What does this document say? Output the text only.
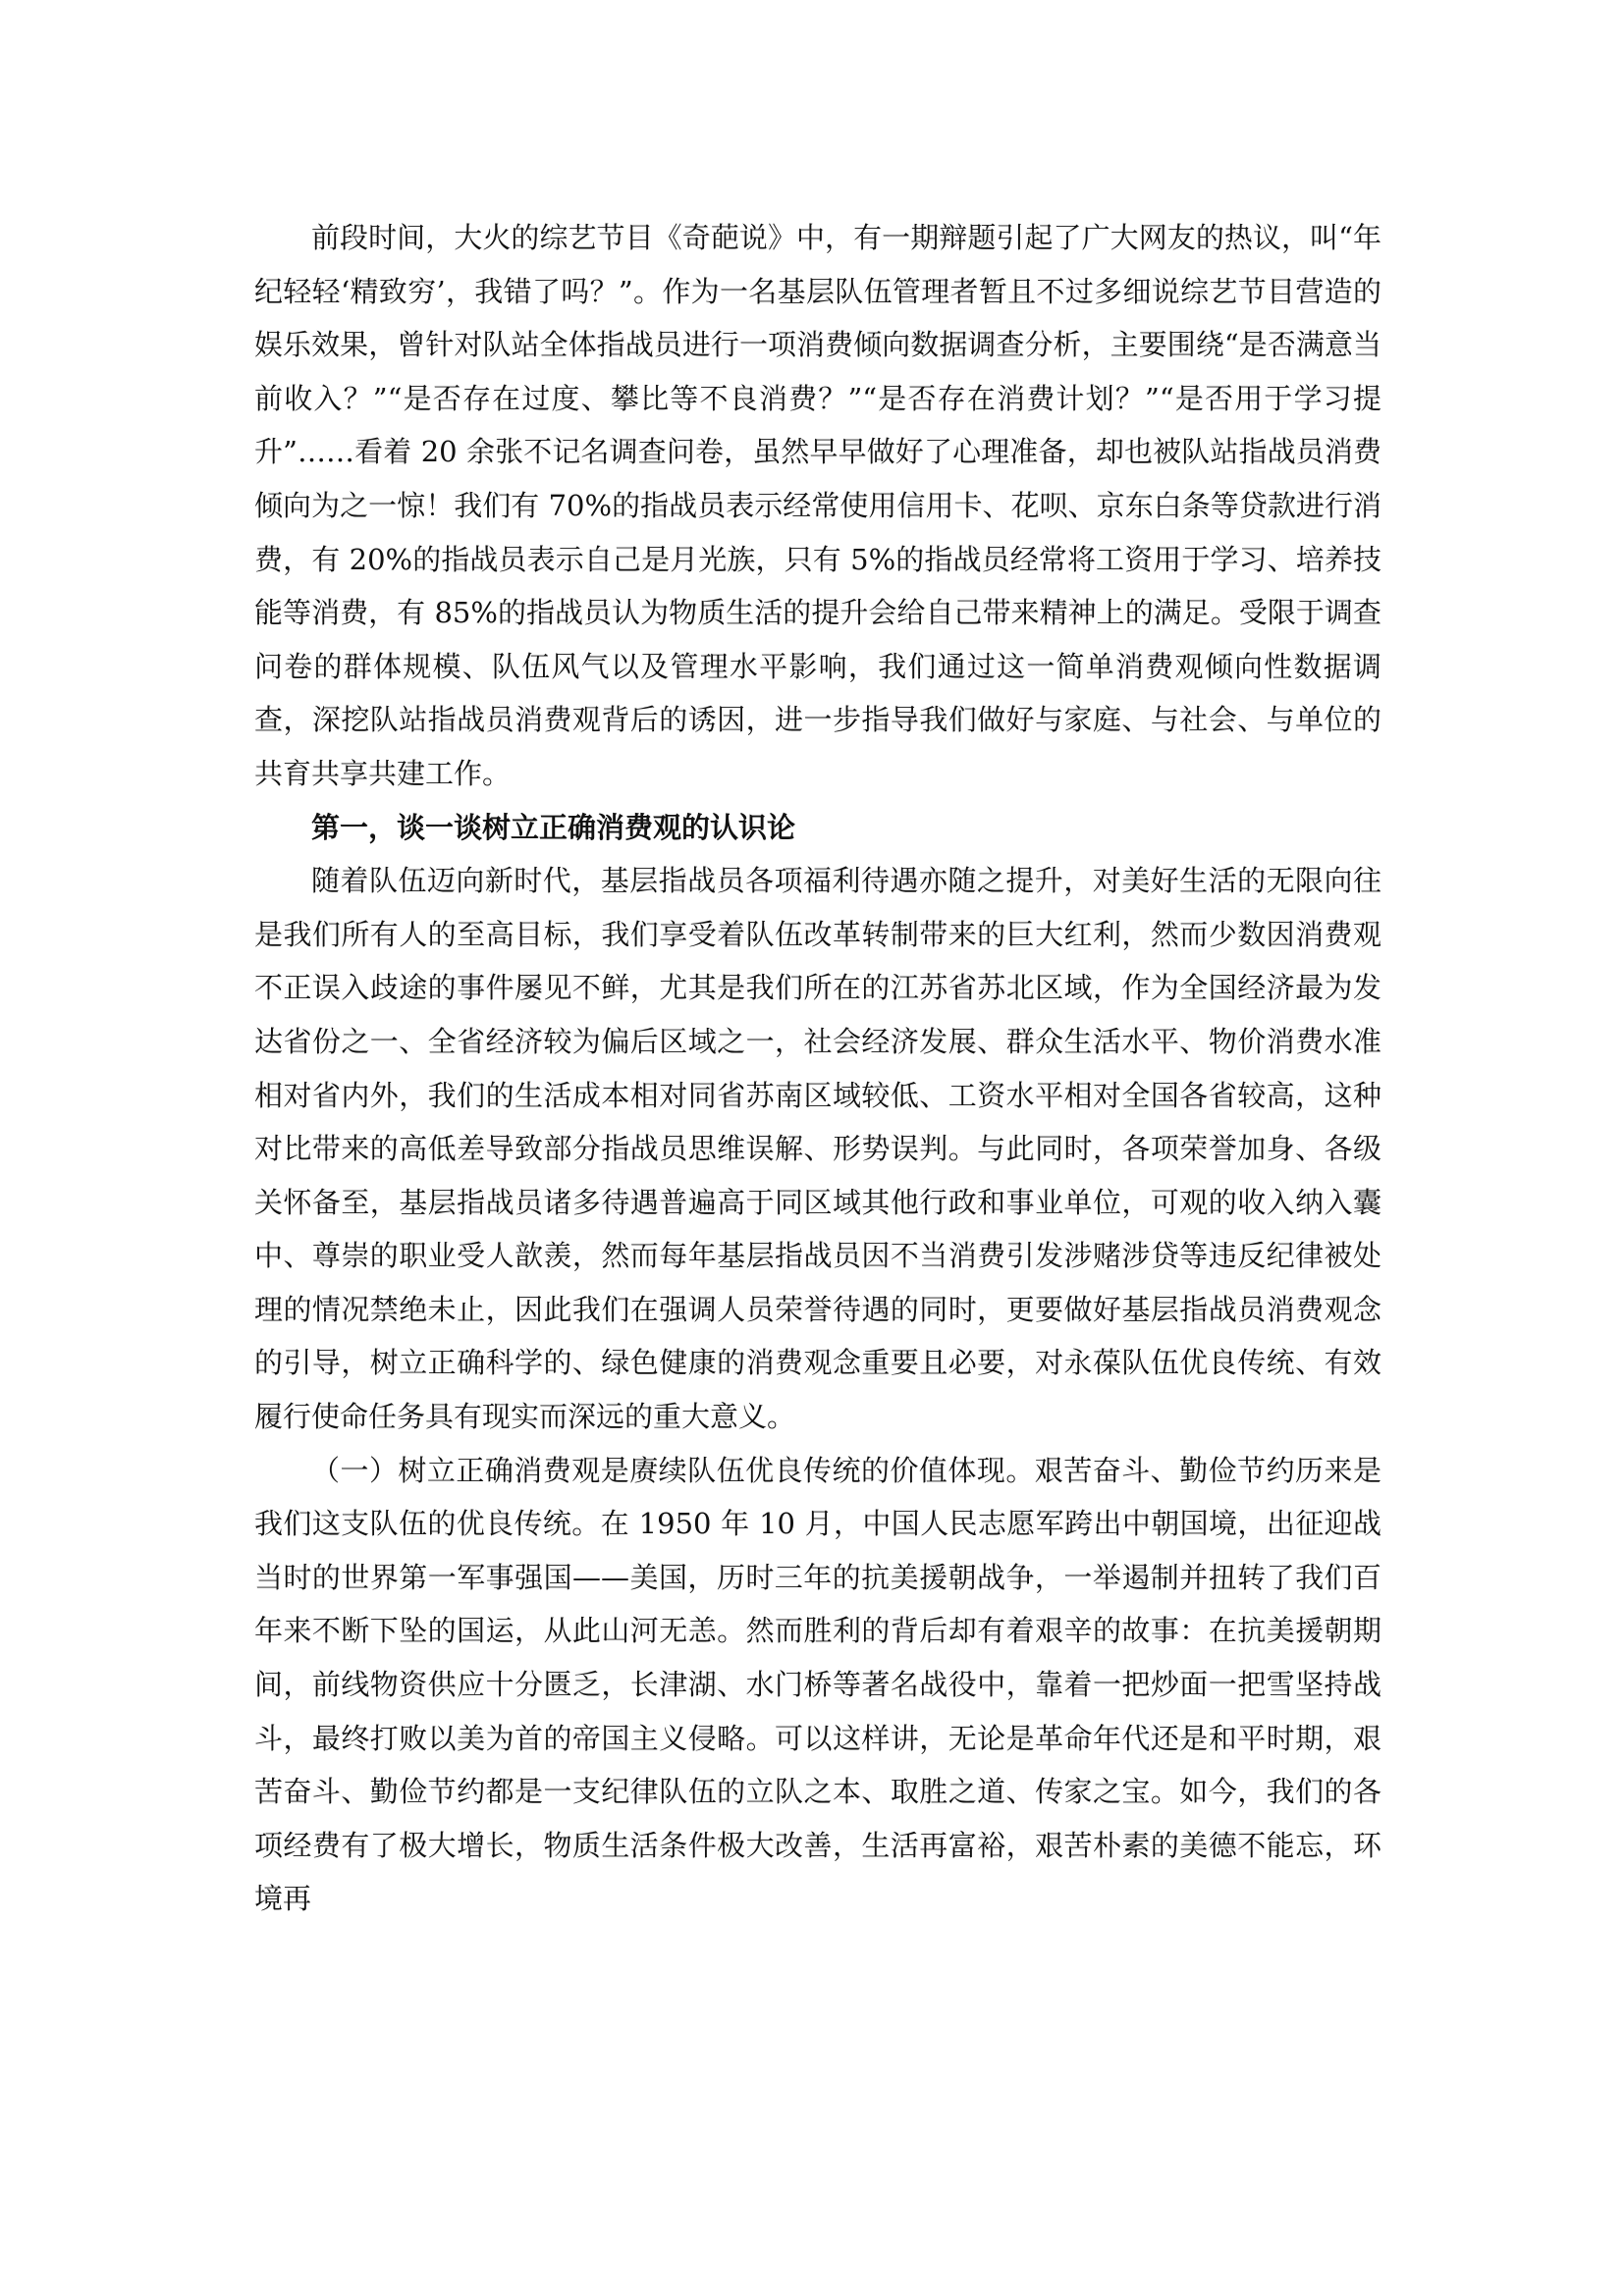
前段时间，大火的综艺节目《奇葩说》中，有一期辩题引起了广大网友的热议，叫“年纪轻轻‘精致穷’，我错了吗？”。作为一名基层队伍管理者暂且不过多细说综艺节目营造的娱乐效果，曾针对队站全体指战员进行一项消费倾向数据调查分析，主要围绕“是否满意当前收入？”“是否存在过度、攀比等不良消费？”“是否存在消费计划？”“是否用于学习提升”……看着 20 余张不记名调查问卷，虽然早早做好了心理准备，却也被队站指战员消费倾向为之一惊！我们有 70%的指战员表示经常使用信用卡、花呗、京东白条等贷款进行消费，有 20%的指战员表示自己是月光族，只有 5%的指战员经常将工资用于学习、培养技能等消费，有 85%的指战员认为物质生活的提升会给自己带来精神上的满足。受限于调查问卷的群体规模、队伍风气以及管理水平影响，我们通过这一简单消费观倾向性数据调查，深挖队站指战员消费观背后的诱因，进一步指导我们做好与家庭、与社会、与单位的共育共享共建工作。

第一，谈一谈树立正确消费观的认识论

随着队伍迈向新时代，基层指战员各项福利待遇亦随之提升，对美好生活的无限向往是我们所有人的至高目标，我们享受着队伍改革转制带来的巨大红利，然而少数因消费观不正误入歧途的事件屡见不鲜，尤其是我们所在的江苏省苏北区域，作为全国经济最为发达省份之一、全省经济较为偏后区域之一，社会经济发展、群众生活水平、物价消费水准相对省内外，我们的生活成本相对同省苏南区域较低、工资水平相对全国各省较高，这种对比带来的高低差导致部分指战员思维误解、形势误判。与此同时，各项荣誉加身、各级关怀备至，基层指战员诸多待遇普遍高于同区域其他行政和事业单位，可观的收入纳入囊中、尊崇的职业受人歆羡，然而每年基层指战员因不当消费引发涉赌涉贷等违反纪律被处理的情况禁绝未止，因此我们在强调人员荣誉待遇的同时，更要做好基层指战员消费观念的引导，树立正确科学的、绿色健康的消费观念重要且必要，对永葆队伍优良传统、有效履行使命任务具有现实而深远的重大意义。

（一）树立正确消费观是赓续队伍优良传统的价值体现。艰苦奋斗、勤俭节约历来是我们这支队伍的优良传统。在 1950 年 10 月，中国人民志愿军跨出中朝国境，出征迎战当时的世界第一军事强国——美国，历时三年的抗美援朝战争，一举遏制并扭转了我们百年来不断下坠的国运，从此山河无恙。然而胜利的背后却有着艰辛的故事：在抗美援朝期间，前线物资供应十分匮乏，长津湖、水门桥等著名战役中，靠着一把炒面一把雪坚持战斗，最终打败以美为首的帝国主义侵略。可以这样讲，无论是革命年代还是和平时期，艰苦奋斗、勤俭节约都是一支纪律队伍的立队之本、取胜之道、传家之宝。如今，我们的各项经费有了极大增长，物质生活条件极大改善，生活再富裕，艰苦朴素的美德不能忘，环境再
